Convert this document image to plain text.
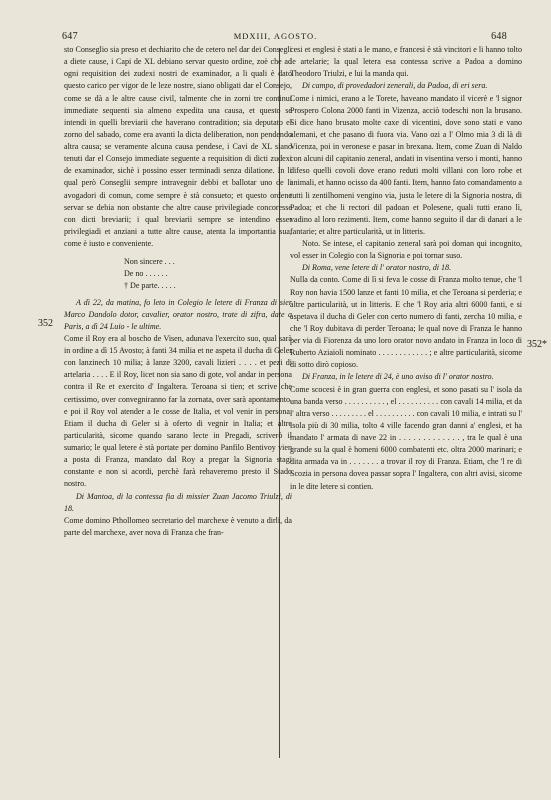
MDXIII, AGOSTO.
647	648
352
352*

sto Conseglio sia preso et dechiarito che de cetero nel dar dei Consegli a diete cause, i Capi de XL debiano servar questo ordine, zoè che ad ogni requisition dei zudexi nostri de examinador, a li quali è dato questo carico per vigor de le leze nostre, siano obligati dar el Consejo, come se dà a le altre cause civil, talmente che in zorni tre continui immediate sequenti sia almeno expedita una causa, et questo se intendi in quelli breviarii che haverano contradition; sia deputato el zorno del sabado, come era avanti la dicta deliberation, non pendendo altra causa; se veramente alcuna causa pendese, i Cavi de XL siano tenuti dar el Consejo immediate seguente a requisition di dicti zudexi de examinador, sichè i possino esser terminadi senza dilatione. In li qual però Conseglii sempre intravegnir debbi et ballotar uno de li avogadori di comun, come sempre è stà consueto; et questo ordene servar se debia non obstante che altre cause privilegiade concoresse con dicti breviarii; i qual breviarii sempre se intendino esser privilegiadi et anziani a tutte altre cause, atenta la importantia sua, come è iusto e conveniente.

Non sincere . . .
De no . . . . . .
† De parte. . . . .

A dì 22, da matina, fo leto in Colegio le letere di Franza di sier Marco Dandolo dotor, cavalier, orator nostro, trate di zifra, date a Paris, a dì 24 Luio - le ultime.

Come il Roy era al boscho de Visen, adunava l'exercito suo, qual sarà in ordine a dì 15 Avosto; à fanti 34 milia et ne aspeta il ducha di Geler con lanzinech 10 milia; à lanze 3200, cavali lizieri . . . . et pezi di artelaria . . . . E il Roy, licet non sia sano di gote, vol andar in persona contra il Re et exercito d' Ingaltera. Teroana si tien; et scrive che certissimo, over convegniranno far la zornata, over sarà apontamento, e poi il Roy vol atender a le cosse de Italia, et vol venir in persona. Etiam il ducha di Geler si à oferto di vegnir in Italia; et altre particularità, sicome quando sarano lecte in Pregadi, scriverò il sumario; le qual letere è stà portate per domino Panfilo Bentivoy vien a posta di Franza, mandato dal Roy a pregar la Signoria stagi constante e non si acordi, perchè farà rehaveremo presto il Stado nostro.

Di Mantoa, di la contessa fia di missier Zuan Jacomo Triulzi, di 18.

Come domino Pthollomeo secretario del marchexe è venuto a dirli, da parte del marchexe, aver nova di Franza che fran-

cesi et englesi è stati a le mano, e francesi è stà vincitori e li hanno tolto le artelarie; la qual letera esa contessa scrive a Padoa a domino Theodoro Triulzi, e lui la manda qui.

Di campo, di provedadori zenerali, da Padoa, di eri sera.

Come i nimici, erano a le Torete, haveano mandato il vicerè e 'l signor Prospero Colona 2000 fanti in Vizenza, acciò todeschi non la brusano. Si dice hano brusato molte caxe di vicentini, dove sono stati e vano alemani, et che pasano di fuora via. Vano ozi a l' Olmo mia 3 di là di Vicenza, poi in veronese e pasar in brexana. Item, come Zuan di Naldo con alcuni dil capitanio zeneral, andati in visentina verso i monti, hanno difeso quelli covoli dove erano reduti molti villani con loro robe et animali, et hanno ocisso da 400 fanti. Item, hanno fato comandamento a tutti li zentilhomeni vengino via, justa le letere di la Signoria nostra, di Padoa; et che li rectori dil padoan et Polesene, quali tutti erano lì, vadino al loro rezimenti. Item, come hanno seguito il dar di danari a le fantarie; et altre particularità, ut in litteris.

Noto. Se intese, el capitanio zeneral sarà poi doman qui incognito, vol esser in Colegio con la Signoria e poi tornar suso.

Di Roma, vene letere di l' orator nostro, di 18.

Nulla da conto. Come di lì si feva le cosse di Franza molto tenue, che 'l Roy non havia 1500 lanze et fanti 10 milia, et che Teroana si perderia; e altre particularità, ut in litteris. E che 'l Roy aria altri 6000 fanti, e si aspetava il ducha di Geler con certo numero di fanti, zercha 10 milia, e che 'l Roy dubitava di perder Teroana; le qual nove di Franza le hanno per via di Fiorenza da uno loro orator novo andato in Franza in loco di Ruberto Aziaioli nominato . . . . . . . . . . . . ; e altre particularità, sicome di sotto dirò copioso.

Di Franza, in le letere di 24, è uno aviso di l' orator nostro.

Come scocesi è in gran guerra con englesi, et sono pasati su l' isola da una banda verso . . . . . . . . . . , el . . . . . . . . . . con cavali 14 milia, et da l' altra verso . . . . . . . . . el . . . . . . . . . . con cavali 10 milia, e intrati su l' isola più di 30 milia, tolto 4 ville facendo gran danni a' englesi, et ha mandato l' armata di nave 22 in . . . . . . . . . . . . . , tra le qual è una grande su la qual è homeni 6000 combatenti etc. oltra 2000 marinari; e dita armada va in . . . . . . . a trovar il roy di Franza. Etiam, che 'l re di Scozia in persona dovea passar sopra l' Ingaltera, con altri avisi, sicome in le dite letere si contien.
